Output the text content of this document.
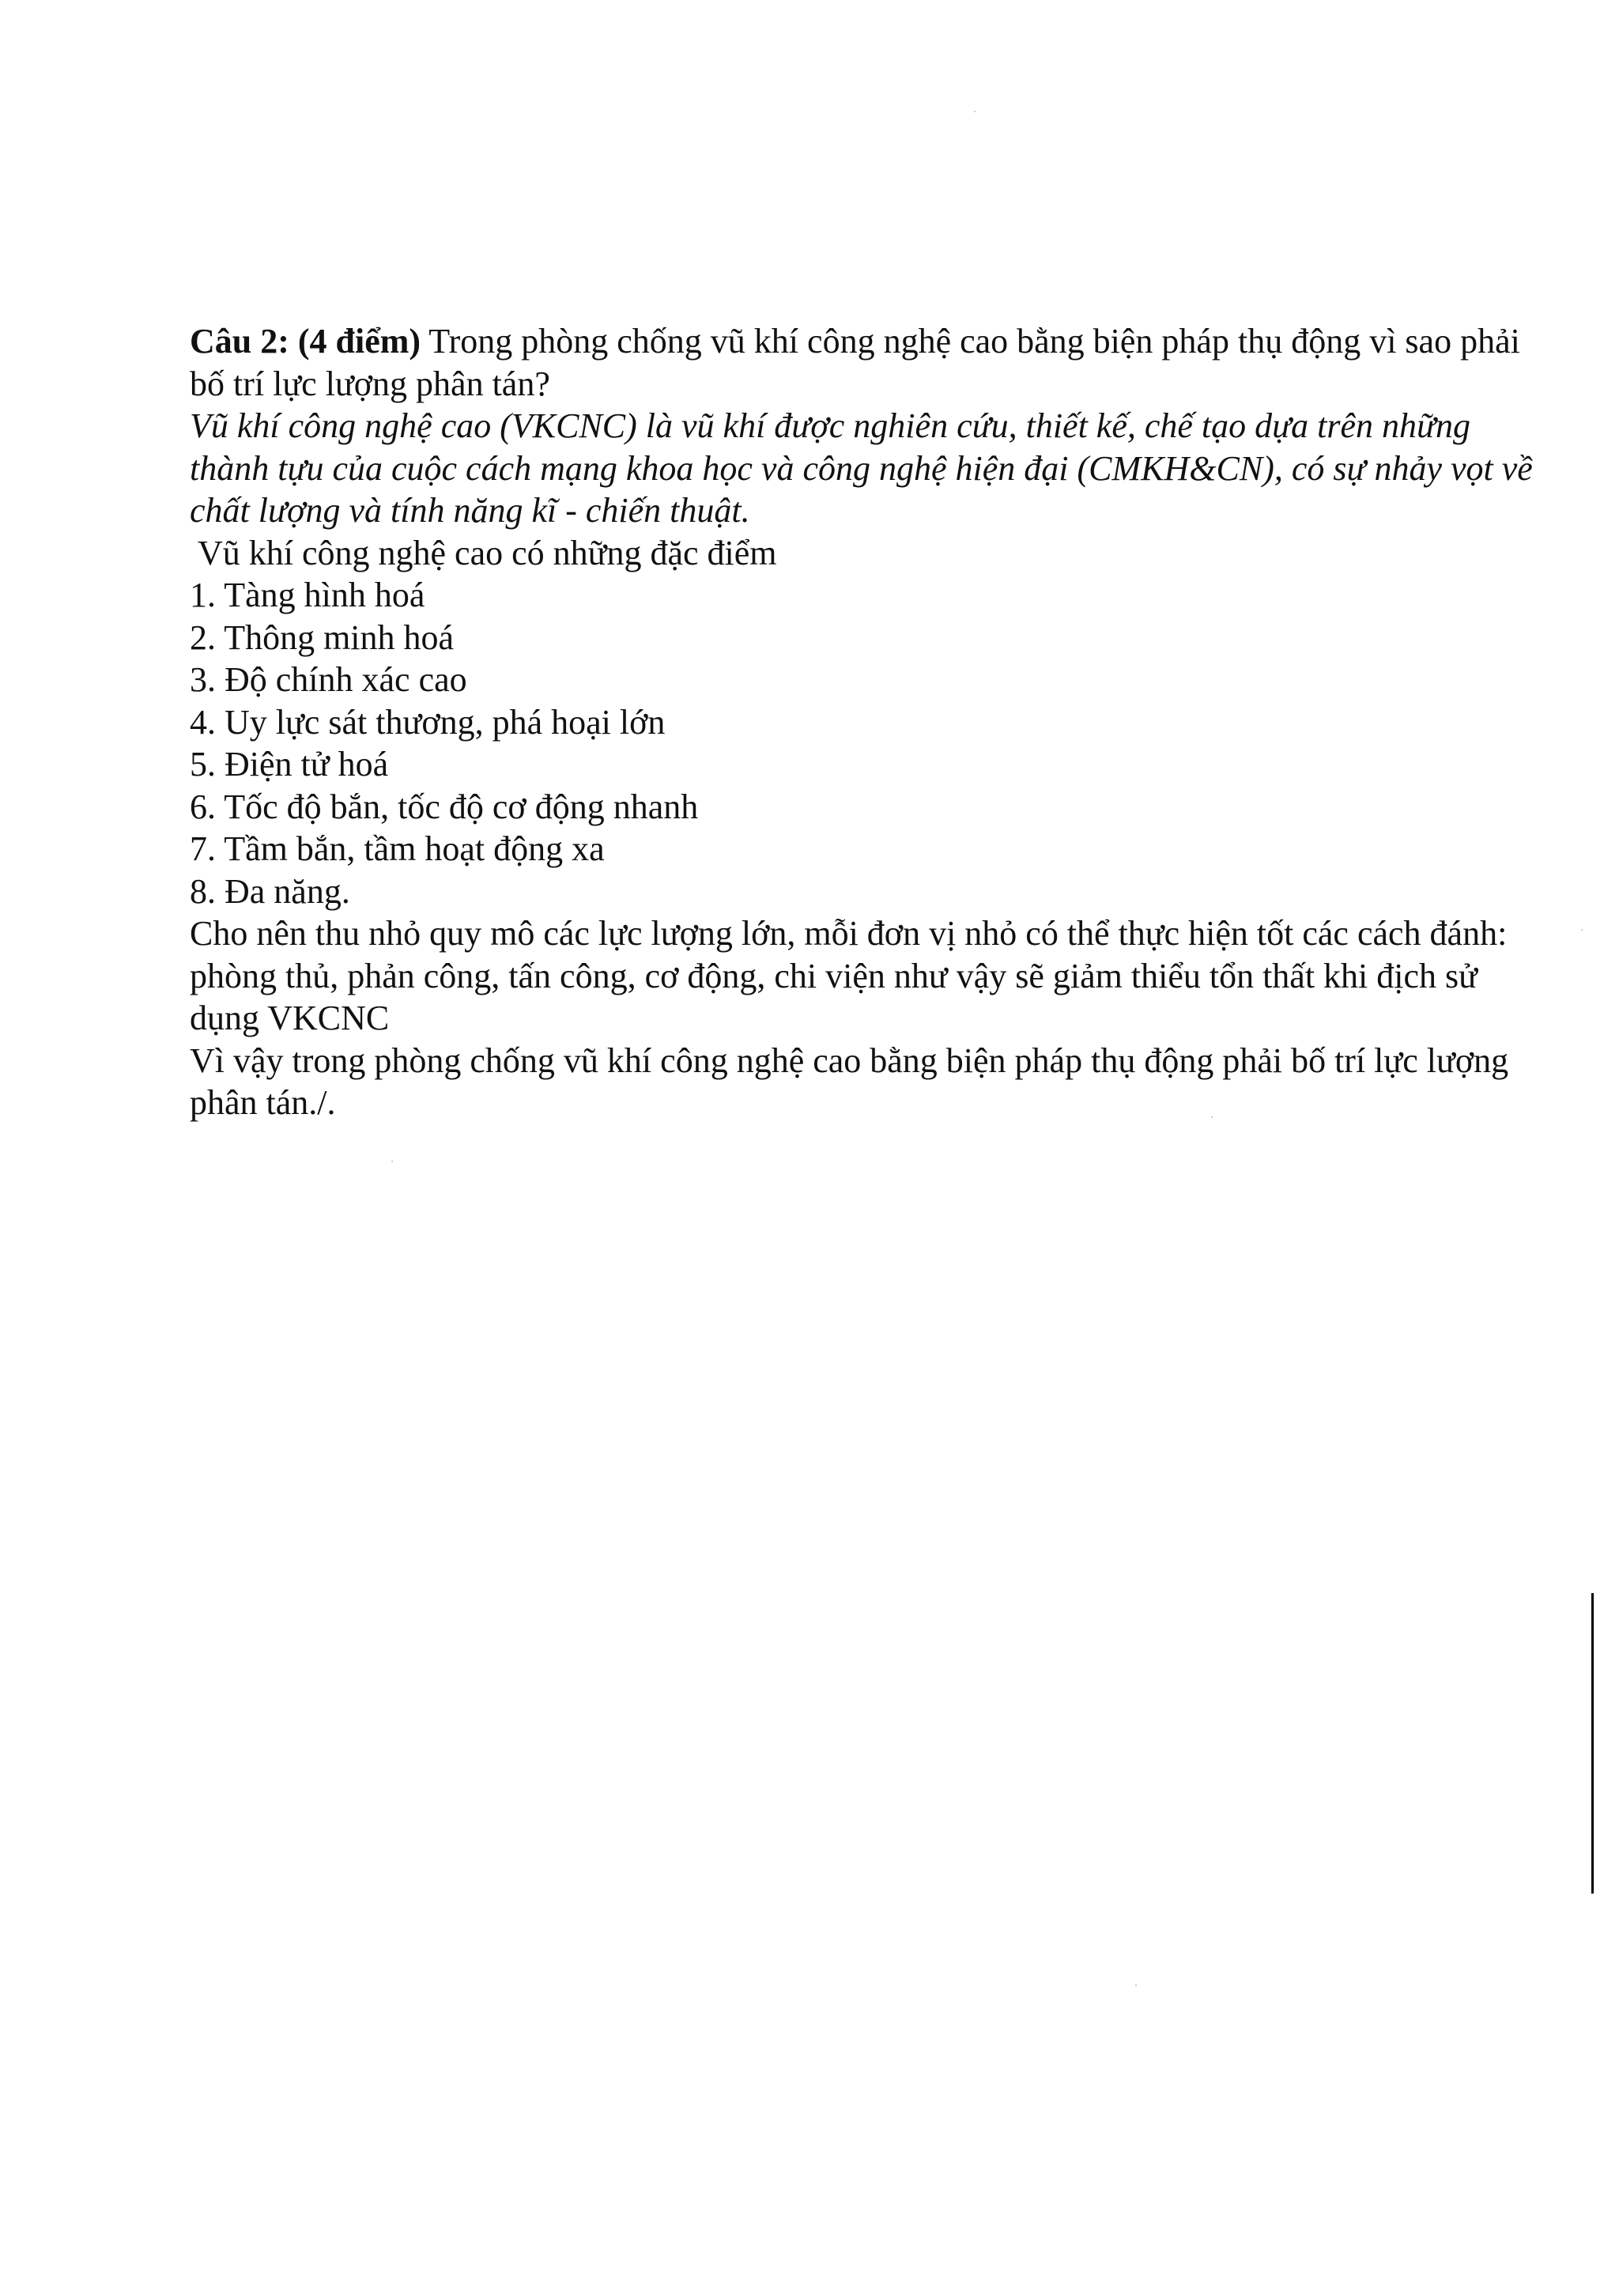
Câu 2: (4 điểm) Trong phòng chống vũ khí công nghệ cao bằng biện pháp thụ động vì sao phải bố trí lực lượng phân tán?

Vũ khí công nghệ cao (VKCNC) là vũ khí được nghiên cứu, thiết kế, chế tạo dựa trên những thành tựu của cuộc cách mạng khoa học và công nghệ hiện đại (CMKH&CN), có sự nhảy vọt về chất lượng và tính năng kĩ - chiến thuật.

Vũ khí công nghệ cao có những đặc điểm

1. Tàng hình hoá
2. Thông minh hoá
3. Độ chính xác cao
4. Uy lực sát thương, phá hoại lớn
5. Điện tử hoá
6. Tốc độ bắn, tốc độ cơ động nhanh
7. Tầm bắn, tầm hoạt động xa
8. Đa năng.

Cho nên thu nhỏ quy mô các lực lượng lớn, mỗi đơn vị nhỏ có thể thực hiện tốt các cách đánh: phòng thủ, phản công, tấn công, cơ động, chi viện như vậy sẽ giảm thiểu tổn thất khi địch sử dụng VKCNC

Vì vậy trong phòng chống vũ khí công nghệ cao bằng biện pháp thụ động phải bố trí lực lượng phân tán./.
